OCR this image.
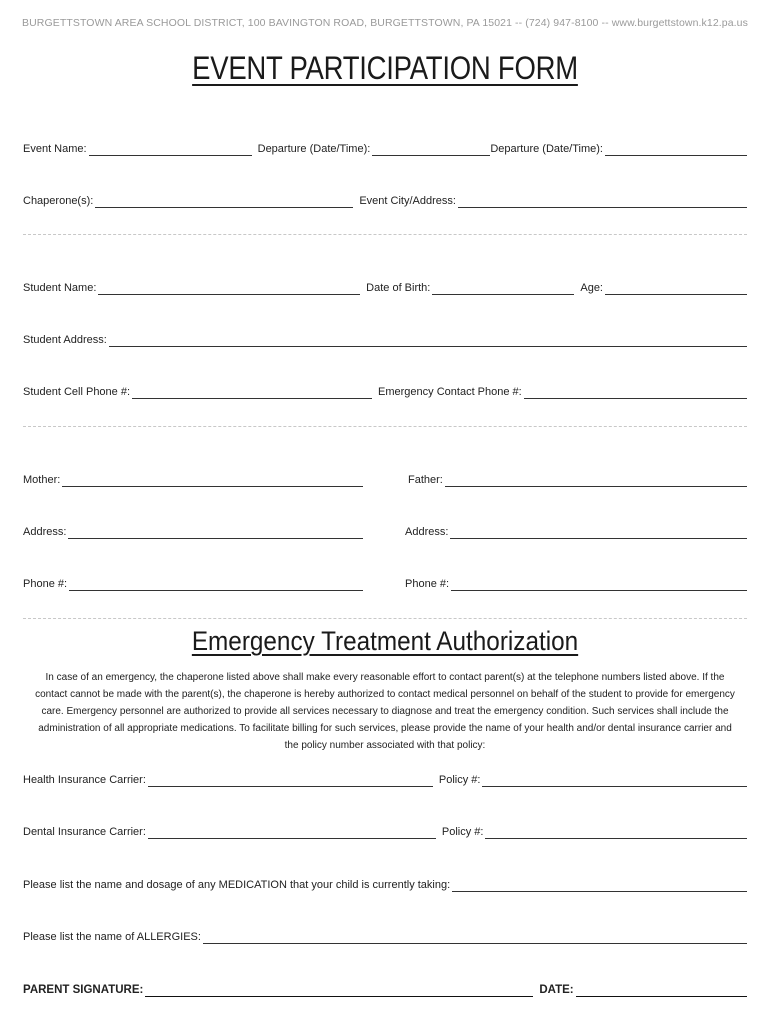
BURGETTSTOWN AREA SCHOOL DISTRICT, 100 BAVINGTON ROAD, BURGETTSTOWN, PA 15021 -- (724) 947-8100 -- www.burgettstown.k12.pa.us
EVENT PARTICIPATION FORM
Event Name:	Departure (Date/Time):	Departure (Date/Time):
Chaperone(s):	Event City/Address:
Student Name:	Date of Birth:	Age:
Student Address:
Student Cell Phone #:	Emergency Contact Phone #:
Mother:	Father:
Address:	Address:
Phone #:	Phone #:
Emergency Treatment Authorization
In case of an emergency, the chaperone listed above shall make every reasonable effort to contact parent(s) at the telephone numbers listed above. If the contact cannot be made with the parent(s), the chaperone is hereby authorized to contact medical personnel on behalf of the student to provide for emergency care. Emergency personnel are authorized to provide all services necessary to diagnose and treat the emergency condition. Such services shall include the administration of all appropriate medications. To facilitate billing for such services, please provide the name of your health and/or dental insurance carrier and the policy number associated with that policy:
Health Insurance Carrier:	Policy #:
Dental Insurance Carrier:	Policy #:
Please list the name and dosage of any MEDICATION that your child is currently taking:
Please list the name of ALLERGIES:
PARENT SIGNATURE:	DATE:
